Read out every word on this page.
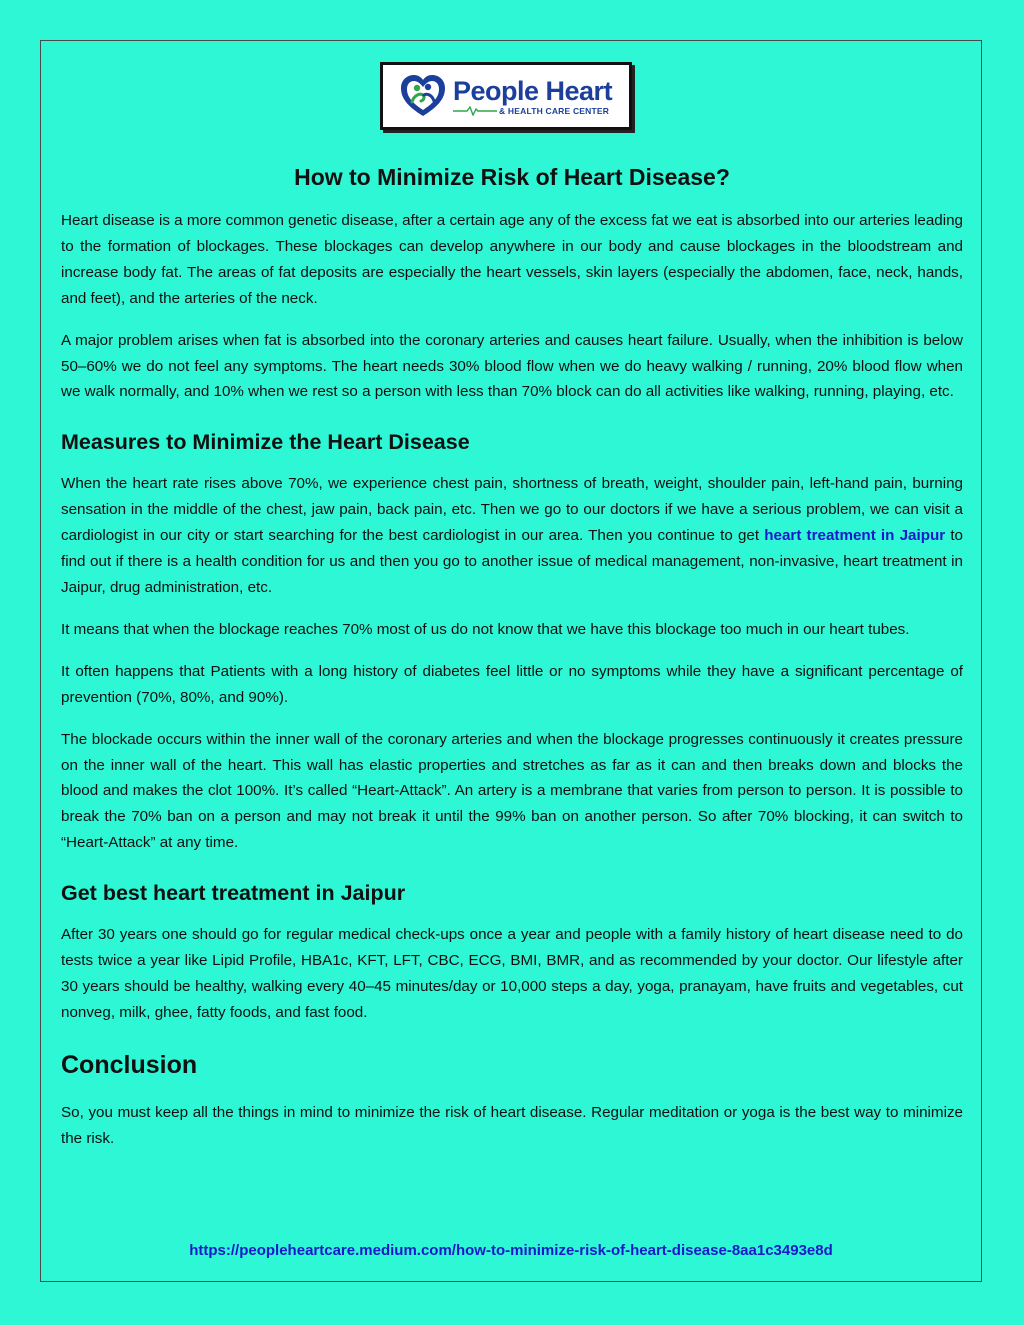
People Heart
& HEALTH CARE CENTER
How to Minimize Risk of Heart Disease?

Heart disease is a more common genetic disease, after a certain age any of the excess fat we eat is absorbed into our arteries leading to the formation of blockages. These blockages can develop anywhere in our body and cause blockages in the bloodstream and increase body fat. The areas of fat deposits are especially the heart vessels, skin layers (especially the abdomen, face, neck, hands, and feet), and the arteries of the neck.

A major problem arises when fat is absorbed into the coronary arteries and causes heart failure. Usually, when the inhibition is below 50–60% we do not feel any symptoms. The heart needs 30% blood flow when we do heavy walking / running, 20% blood flow when we walk normally, and 10% when we rest so a person with less than 70% block can do all activities like walking, running, playing, etc.

Measures to Minimize the Heart Disease

When the heart rate rises above 70%, we experience chest pain, shortness of breath, weight, shoulder pain, left-hand pain, burning sensation in the middle of the chest, jaw pain, back pain, etc. Then we go to our doctors if we have a serious problem, we can visit a cardiologist in our city or start searching for the best cardiologist in our area. Then you continue to get heart treatment in Jaipur to find out if there is a health condition for us and then you go to another issue of medical management, non-invasive, heart treatment in Jaipur, drug administration, etc.

It means that when the blockage reaches 70% most of us do not know that we have this blockage too much in our heart tubes.

It often happens that Patients with a long history of diabetes feel little or no symptoms while they have a significant percentage of prevention (70%, 80%, and 90%).

The blockade occurs within the inner wall of the coronary arteries and when the blockage progresses continuously it creates pressure on the inner wall of the heart. This wall has elastic properties and stretches as far as it can and then breaks down and blocks the blood and makes the clot 100%. It’s called “Heart-Attack”. An artery is a membrane that varies from person to person. It is possible to break the 70% ban on a person and may not break it until the 99% ban on another person. So after 70% blocking, it can switch to “Heart-Attack” at any time.

Get best heart treatment in Jaipur

After 30 years one should go for regular medical check-ups once a year and people with a family history of heart disease need to do tests twice a year like Lipid Profile, HBA1c, KFT, LFT, CBC, ECG, BMI, BMR, and as recommended by your doctor. Our lifestyle after 30 years should be healthy, walking every 40–45 minutes/day or 10,000 steps a day, yoga, pranayam, have fruits and vegetables, cut nonveg, milk, ghee, fatty foods, and fast food.

Conclusion

So, you must keep all the things in mind to minimize the risk of heart disease. Regular meditation or yoga is the best way to minimize the risk.

https://peopleheartcare.medium.com/how-to-minimize-risk-of-heart-disease-8aa1c3493e8d
